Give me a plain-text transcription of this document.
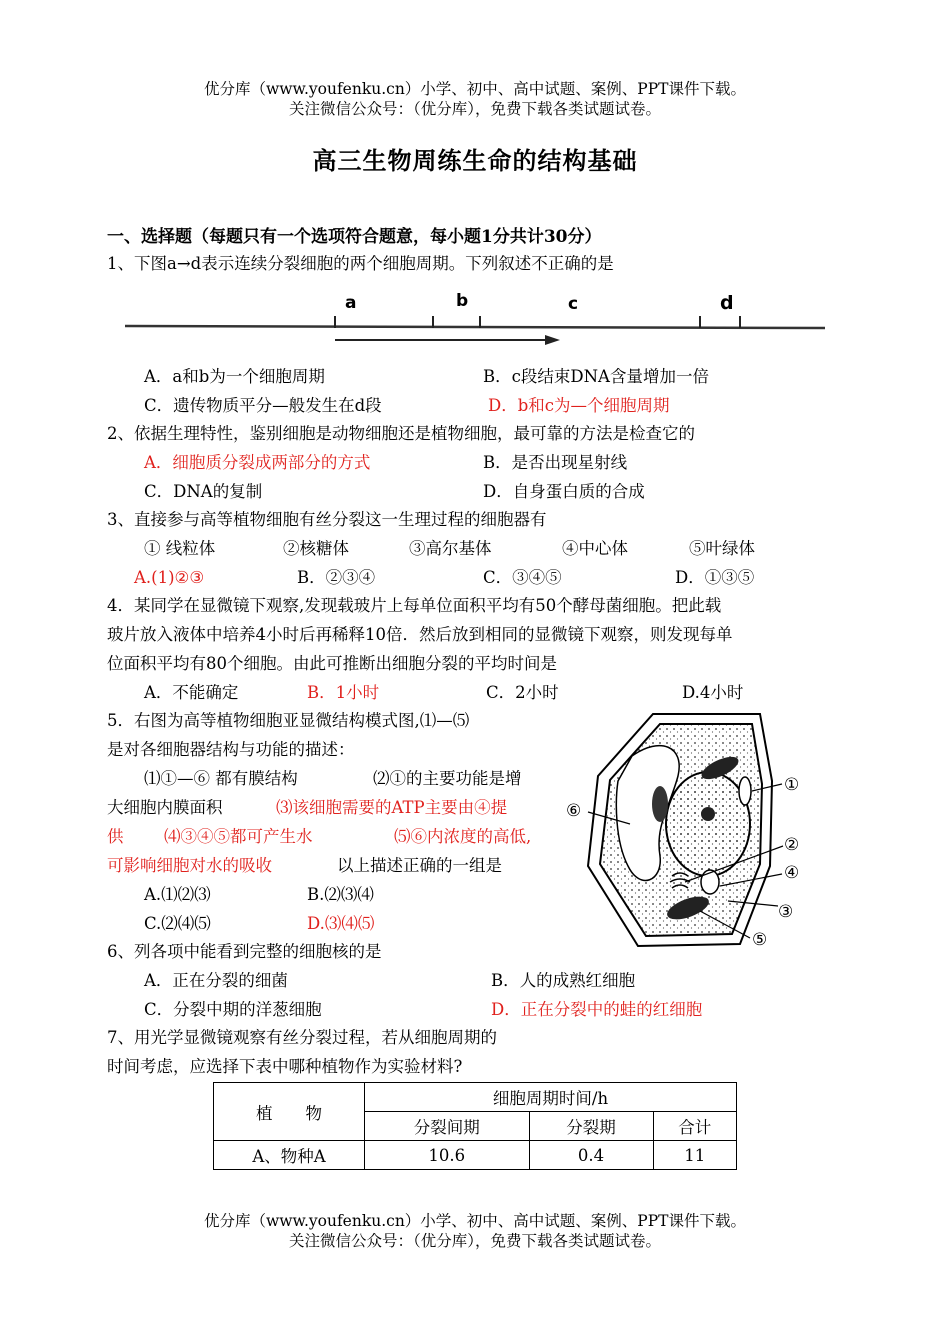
优分库（www.youfenku.cn）小学、初中、高中试题、案例、PPT课件下载。
关注微信公众号：（优分库），免费下载各类试题试卷。
高三生物周练生命的结构基础
一、选择题（每题只有一个选项符合题意，每小题1分共计30分）
1、下图a→d表示连续分裂细胞的两个细胞周期。下列叙述不正确的是
a	b	c	d
A．a和b为一个细胞周期	B．c段结束DNA含量增加一倍
C．遗传物质平分—般发生在d段	D．b和c为—个细胞周期
2、依据生理特性，鉴别细胞是动物细胞还是植物细胞，最可靠的方法是检查它的
A．细胞质分裂成两部分的方式	B．是否出现星射线
C．DNA的复制	D．自身蛋白质的合成
3、直接参与高等植物细胞有丝分裂这一生理过程的细胞器有
① 线粒体	②核糖体	③高尔基体	④中心体	⑤叶绿体
A.(1)②③	B．②③④	C．③④⑤	D．①③⑤
4．某同学在显微镜下观察,发现载玻片上每单位面积平均有50个酵母菌细胞。把此载
玻片放入液体中培养4小时后再稀释10倍．然后放到相同的显微镜下观察，则发现每单
位面积平均有80个细胞。由此可推断出细胞分裂的平均时间是
A．不能确定	B．1小时	C．2小时	D.4小时
5．右图为高等植物细胞亚显微结构模式图,⑴—⑸
是对各细胞器结构与功能的描述：
⑴①—⑥ 都有膜结构	⑵①的主要功能是增
大细胞内膜面积	⑶该细胞需要的ATP主要由④提
供 ⑷③④⑤都可产生水	⑸⑥内浓度的高低,
可影响细胞对水的吸收	以上描述正确的一组是
A.⑴⑵⑶	B.⑵⑶⑷
C.⑵⑷⑸	D.⑶⑷⑸
①
②
③
④
⑤
⑥
6、列各项中能看到完整的细胞核的是
A．正在分裂的细菌	B．人的成熟红细胞
C．分裂中期的洋葱细胞	D．正在分裂中的蛙的红细胞
7、用光学显微镜观察有丝分裂过程，若从细胞周期的
时间考虑，应选择下表中哪种植物作为实验材料?
植　　物	细胞周期时间/h		
	分裂间期	分裂期	合计
A、物种A	10.6	0.4	11
优分库（www.youfenku.cn）小学、初中、高中试题、案例、PPT课件下载。
关注微信公众号：（优分库），免费下载各类试题试卷。
